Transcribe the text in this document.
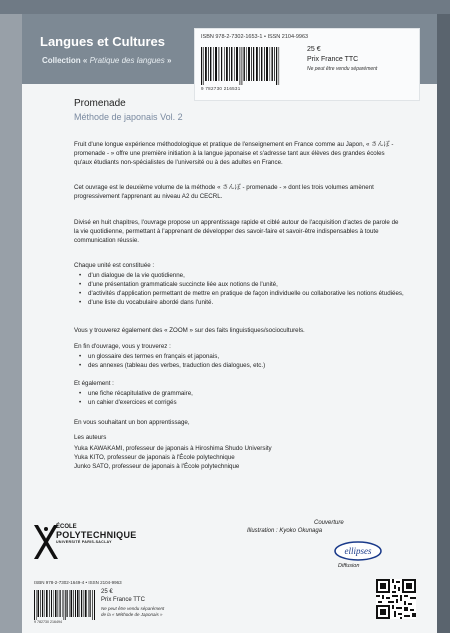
Langues et Cultures
Collection « Pratique des langues »
ISBN 978-2-7302-1653-1 • ISSN 2104-9963
9 782730 216531
25 €
Prix France TTC
Ne peut être vendu séparément
Promenade
Méthode de japonais Vol. 2

Fruit d'une longue expérience méthodologique et pratique de l'enseignement en France comme au Japon, « さんぽ - promenade - » offre une première initiation à la langue japonaise et s'adresse tant aux élèves des grandes écoles qu'aux étudiants non-spécialistes de l'université ou à des adultes en France.

Cet ouvrage est le deuxième volume de la méthode « さんぽ - promenade - » dont les trois volumes amènent progressivement l'apprenant au niveau A2 du CECRL.

Divisé en huit chapitres, l'ouvrage propose un apprentissage rapide et ciblé autour de l'acquisition d'actes de parole de la vie quotidienne, permettant à l'apprenant de développer des savoir-faire et savoir-être indispensables à toute communication réussie.

Chaque unité est constituée :

• d'un dialogue de la vie quotidienne,
• d'une présentation grammaticale succincte liée aux notions de l'unité,
• d'activités d'application permettant de mettre en pratique de façon individuelle ou collaborative les notions étudiées,
• d'une liste du vocabulaire abordé dans l'unité.

Vous y trouverez également des « ZOOM » sur des faits linguistiques/socioculturels.

En fin d'ouvrage, vous y trouverez :

• un glossaire des termes en français et japonais,
• des annexes (tableau des verbes, traduction des dialogues, etc.)

Et également :

• une fiche récapitulative de grammaire,
• un cahier d'exercices et corrigés

En vous souhaitant un bon apprentissage,

Les auteurs

Yuka KAWAKAMI, professeur de japonais à Hiroshima Shudo University
Yuka KITO, professeur de japonais à l'École polytechnique
Junko SATO, professeur de japonais à l'École polytechnique
ÉCOLE
POLYTECHNIQUE
UNIVERSITÉ PARIS-SACLAY
Couverture
Illustration : Kyoko Okunaga
ellipses
Diffusion
ISBN 978-2-7302-1649-4 • ISSN 2104-9963
9 782730 216494
25 €
Prix France TTC
Ne peut être vendu séparément
de la « Méthode de Japonais »
